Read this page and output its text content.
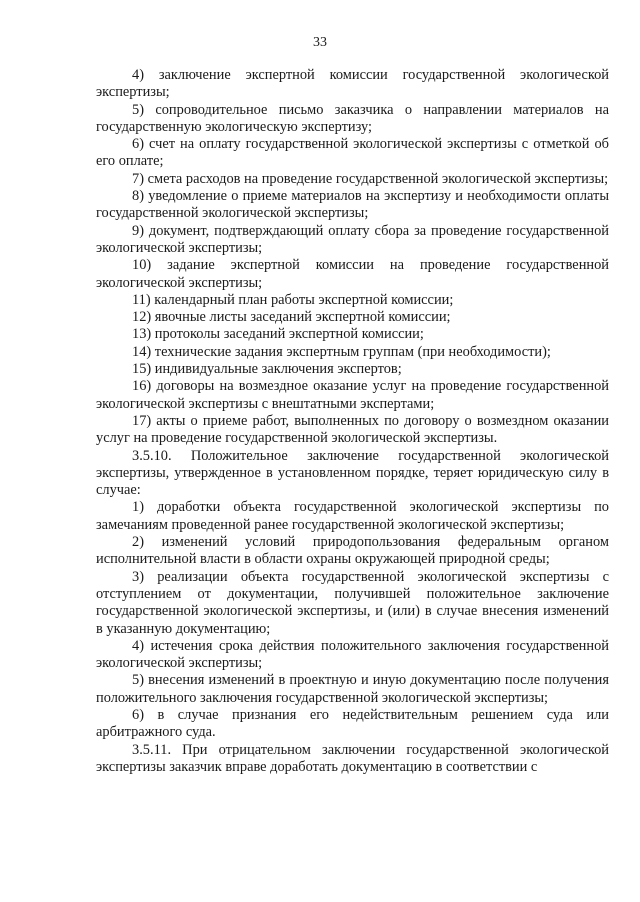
33

4) заключение экспертной комиссии государственной экологической экспертизы;

5) сопроводительное письмо заказчика о направлении материалов на государственную экологическую экспертизу;

6) счет на оплату государственной экологической экспертизы с отметкой об его оплате;

7) смета расходов на проведение государственной экологической экспертизы;

8) уведомление о приеме материалов на экспертизу и необходимости оплаты государственной экологической экспертизы;

9) документ, подтверждающий оплату сбора за проведение государственной экологической экспертизы;

10) задание экспертной комиссии на проведение государственной экологической экспертизы;

11) календарный план работы экспертной комиссии;

12) явочные листы заседаний экспертной комиссии;

13) протоколы заседаний экспертной комиссии;

14) технические задания экспертным группам (при необходимости);

15) индивидуальные заключения экспертов;

16) договоры на возмездное оказание услуг на проведение государственной экологической экспертизы с внештатными экспертами;

17) акты о приеме работ, выполненных по договору о возмездном оказании услуг на проведение государственной экологической экспертизы.

3.5.10. Положительное заключение государственной экологической экспертизы, утвержденное в установленном порядке, теряет юридическую силу в случае:

1) доработки объекта государственной экологической экспертизы по замечаниям проведенной ранее государственной экологической экспертизы;

2) изменений условий природопользования федеральным органом исполнительной власти в области охраны окружающей природной среды;

3) реализации объекта государственной экологической экспертизы с отступлением от документации, получившей положительное заключение государственной экологической экспертизы, и (или) в случае внесения изменений в указанную документацию;

4) истечения срока действия положительного заключения государственной экологической экспертизы;

5) внесения изменений в проектную и иную документацию после получения положительного заключения государственной экологической экспертизы;

6) в случае признания его недействительным решением суда или арбитражного суда.

3.5.11. При отрицательном заключении государственной экологической экспертизы заказчик вправе доработать документацию в соответствии с
